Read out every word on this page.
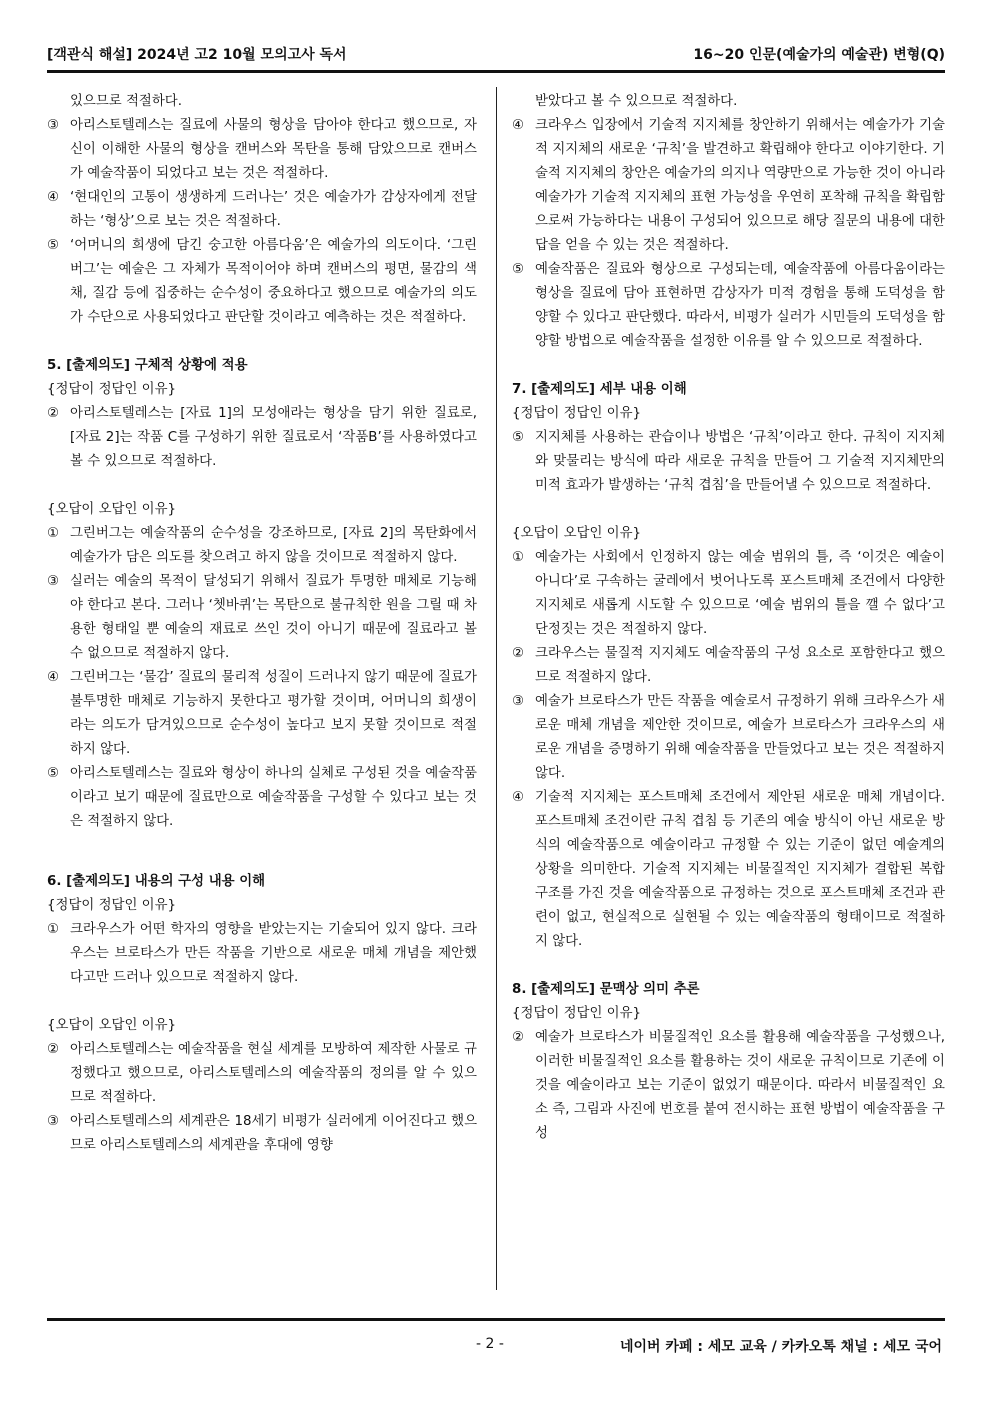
[객관식 해설] 2024년 고2 10월 모의고사 독서	16~20 인문(예술가의 예술관) 변형(Q)
있으므로 적절하다.
③ 아리스토텔레스는 질료에 사물의 형상을 담아야 한다고 했으므로, 자신이 이해한 사물의 형상을 캔버스와 목탄을 통해 담았으므로 캔버스가 예술작품이 되었다고 보는 것은 적절하다.
④ ‘현대인의 고통이 생생하게 드러나는’ 것은 예술가가 감상자에게 전달하는 ‘형상’으로 보는 것은 적절하다.
⑤ ‘어머니의 희생에 담긴 숭고한 아름다움’은 예술가의 의도이다. ‘그린버그’는 예술은 그 자체가 목적이어야 하며 캔버스의 평면, 물감의 색채, 질감 등에 집중하는 순수성이 중요하다고 했으므로 예술가의 의도가 수단으로 사용되었다고 판단할 것이라고 예측하는 것은 적절하다.
5. [출제의도] 구체적 상황에 적용
{정답이 정답인 이유}
② 아리스토텔레스는 [자료 1]의 모성애라는 형상을 담기 위한 질료로, [자료 2]는 작품 C를 구성하기 위한 질료로서 ‘작품B’를 사용하였다고 볼 수 있으므로 적절하다.
{오답이 오답인 이유}
① 그린버그는 예술작품의 순수성을 강조하므로, [자료 2]의 목탄화에서 예술가가 담은 의도를 찾으려고 하지 않을 것이므로 적절하지 않다.
③ 실러는 예술의 목적이 달성되기 위해서 질료가 투명한 매체로 기능해야 한다고 본다. 그러나 ‘쳇바퀴’는 목탄으로 불규칙한 원을 그릴 때 차용한 형태일 뿐 예술의 재료로 쓰인 것이 아니기 때문에 질료라고 볼 수 없으므로 적절하지 않다.
④ 그린버그는 ‘물감’ 질료의 물리적 성질이 드러나지 않기 때문에 질료가 불투명한 매체로 기능하지 못한다고 평가할 것이며, 어머니의 희생이라는 의도가 담겨있으므로 순수성이 높다고 보지 못할 것이므로 적절하지 않다.
⑤ 아리스토텔레스는 질료와 형상이 하나의 실체로 구성된 것을 예술작품이라고 보기 때문에 질료만으로 예술작품을 구성할 수 있다고 보는 것은 적절하지 않다.
6. [출제의도] 내용의 구성 내용 이해
{정답이 정답인 이유}
① 크라우스가 어떤 학자의 영향을 받았는지는 기술되어 있지 않다. 크라우스는 브로타스가 만든 작품을 기반으로 새로운 매체 개념을 제안했다고만 드러나 있으므로 적절하지 않다.
{오답이 오답인 이유}
② 아리스토텔레스는 예술작품을 현실 세계를 모방하여 제작한 사물로 규정했다고 했으므로, 아리스토텔레스의 예술작품의 정의를 알 수 있으므로 적절하다.
③ 아리스토텔레스의 세계관은 18세기 비평가 실러에게 이어진다고 했으므로 아리스토텔레스의 세계관을 후대에 영향
받았다고 볼 수 있으므로 적절하다.
④ 크라우스 입장에서 기술적 지지체를 창안하기 위해서는 예술가가 기술적 지지체의 새로운 ‘규칙’을 발견하고 확립해야 한다고 이야기한다. 기술적 지지체의 창안은 예술가의 의지나 역량만으로 가능한 것이 아니라 예술가가 기술적 지지체의 표현 가능성을 우연히 포착해 규칙을 확립함으로써 가능하다는 내용이 구성되어 있으므로 해당 질문의 내용에 대한 답을 얻을 수 있는 것은 적절하다.
⑤ 예술작품은 질료와 형상으로 구성되는데, 예술작품에 아름다움이라는 형상을 질료에 담아 표현하면 감상자가 미적 경험을 통해 도덕성을 함양할 수 있다고 판단했다. 따라서, 비평가 실러가 시민들의 도덕성을 함양할 방법으로 예술작품을 설정한 이유를 알 수 있으므로 적절하다.
7. [출제의도] 세부 내용 이해
{정답이 정답인 이유}
⑤ 지지체를 사용하는 관습이나 방법은 ‘규칙’이라고 한다. 규칙이 지지체와 맞물리는 방식에 따라 새로운 규칙을 만들어 그 기술적 지지체만의 미적 효과가 발생하는 ‘규칙 겹침’을 만들어낼 수 있으므로 적절하다.
{오답이 오답인 이유}
① 예술가는 사회에서 인정하지 않는 예술 범위의 틀, 즉 ‘이것은 예술이 아니다’로 구속하는 굴레에서 벗어나도록 포스트매체 조건에서 다양한 지지체로 새롭게 시도할 수 있으므로 ‘예술 범위의 틀을 깰 수 없다’고 단정짓는 것은 적절하지 않다.
② 크라우스는 물질적 지지체도 예술작품의 구성 요소로 포함한다고 했으므로 적절하지 않다.
③ 예술가 브로타스가 만든 작품을 예술로서 규정하기 위해 크라우스가 새로운 매체 개념을 제안한 것이므로, 예술가 브로타스가 크라우스의 새로운 개념을 증명하기 위해 예술작품을 만들었다고 보는 것은 적절하지 않다.
④ 기술적 지지체는 포스트매체 조건에서 제안된 새로운 매체 개념이다. 포스트매체 조건이란 규칙 겹침 등 기존의 예술 방식이 아닌 새로운 방식의 예술작품으로 예술이라고 규정할 수 있는 기준이 없던 예술계의 상황을 의미한다. 기술적 지지체는 비물질적인 지지체가 결합된 복합 구조를 가진 것을 예술작품으로 규정하는 것으로 포스트매체 조건과 관련이 없고, 현실적으로 실현될 수 있는 예술작품의 형태이므로 적절하지 않다.
8. [출제의도] 문맥상 의미 추론
{정답이 정답인 이유}
② 예술가 브로타스가 비물질적인 요소를 활용해 예술작품을 구성했으나, 이러한 비물질적인 요소를 활용하는 것이 새로운 규칙이므로 기존에 이것을 예술이라고 보는 기준이 없었기 때문이다. 따라서 비물질적인 요소 즉, 그림과 사진에 번호를 붙여 전시하는 표현 방법이 예술작품을 구성
- 2 -	네이버 카페 : 세모 교육 / 카카오톡 채널 : 세모 국어
